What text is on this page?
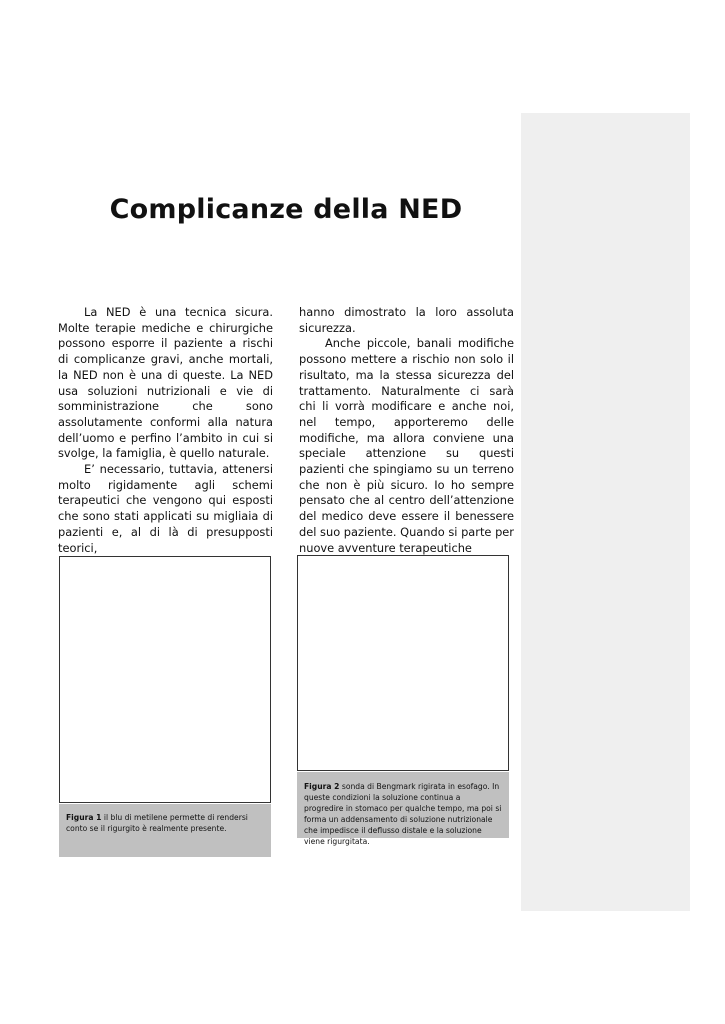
Complicanze della NED

La NED è una tecnica sicura. Molte terapie mediche e chirurgiche possono esporre il paziente a rischi di complicanze gravi, anche mortali, la NED non è una di queste. La NED usa soluzioni nutrizionali e vie di somministrazione che sono assolutamente conformi alla natura dell’uomo e perfino l’ambito in cui si svolge, la famiglia, è quello naturale.

E’ necessario, tuttavia, attenersi molto rigidamente agli schemi terapeutici che vengono qui esposti che sono stati applicati su migliaia di pazienti e, al di là di presupposti teorici,

hanno dimostrato la loro assoluta sicurezza.

Anche piccole, banali modifiche possono mettere a rischio non solo il risultato, ma la stessa sicurezza del trattamento. Naturalmente ci sarà chi li vorrà modificare e anche noi, nel tempo, apporteremo delle modifiche, ma allora conviene una speciale attenzione su questi pazienti che spingiamo su un terreno che non è più sicuro. Io ho sempre pensato che al centro dell’attenzione del medico deve essere il benessere del suo paziente. Quando si parte per nuove avventure terapeutiche

Figura 1 il blu di metilene permette di rendersi conto se il rigurgito è realmente presente.
Figura 2 sonda di Bengmark rigirata in esofago. In queste condizioni la soluzione continua a progredire in stomaco per qualche tempo, ma poi si forma un addensamento di soluzione nutrizionale che impedisce il deflusso distale e la soluzione viene rigurgitata.
